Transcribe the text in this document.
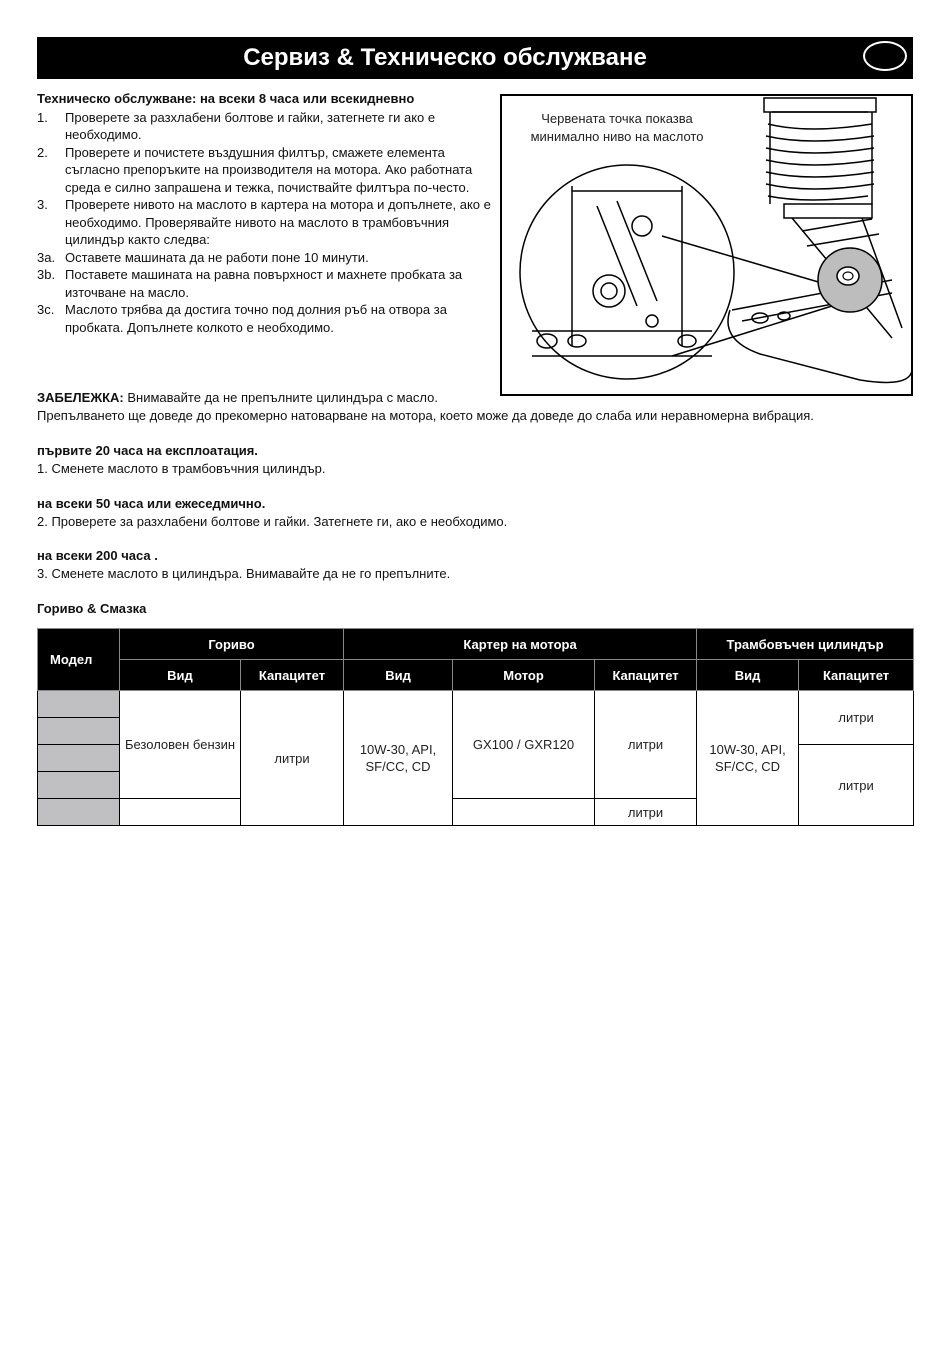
Сервиз & Техническо обслужване
Техническо обслужване: на всеки 8 часа или всекидневно
1. Проверете за разхлабени болтове и гайки, затегнете ги ако е необходимо.
2. Проверете и почистете въздушния филтър, смажете елемента съгласно препоръките на производителя на мотора. Ако работната среда е силно запрашена и тежка, почиствайте филтъра по-често.
3. Проверете нивото на маслото в картера на мотора и допълнете, ако е необходимо. Проверявайте нивото на маслото в трамбовъчния цилиндър както следва:
3a. Оставете машината да не работи поне 10 минути.
3b. Поставете машината на равна повърхност и махнете пробката за източване на масло.
3c. Маслото трябва да достига точно под долния ръб на отвора за пробката. Допълнете колкото е необходимо.
Червената точка показва минимално ниво на маслото
ЗАБЕЛЕЖКА: Внимавайте да не препълните цилиндъра с масло.
Препълването ще доведе до прекомерно натоварване на мотора, което може да доведе до слаба или неравномерна вибрация.
първите 20 часа на експлоатация.
1. Сменете маслото в трамбовъчния цилиндър.
на всеки 50 часа или ежеседмично.
2. Проверете за разхлабени болтове и гайки. Затегнете ги, ако е необходимо.
на всеки 200 часа .
3. Сменете маслото в цилиндъра. Внимавайте да не го препълните.
Гориво & Смазка
Модел	Гориво		Картер на мотора			Трамбовъчен цилиндър	
	Вид	Капацитет	Вид	Мотор	Капацитет	Вид	Капацитет
	Безоловен бензин	литри	10W-30, API, SF/CC, CD	GX100 / GXR120	литри	10W-30, API, SF/CC, CD	литри

							литри

					литри		
